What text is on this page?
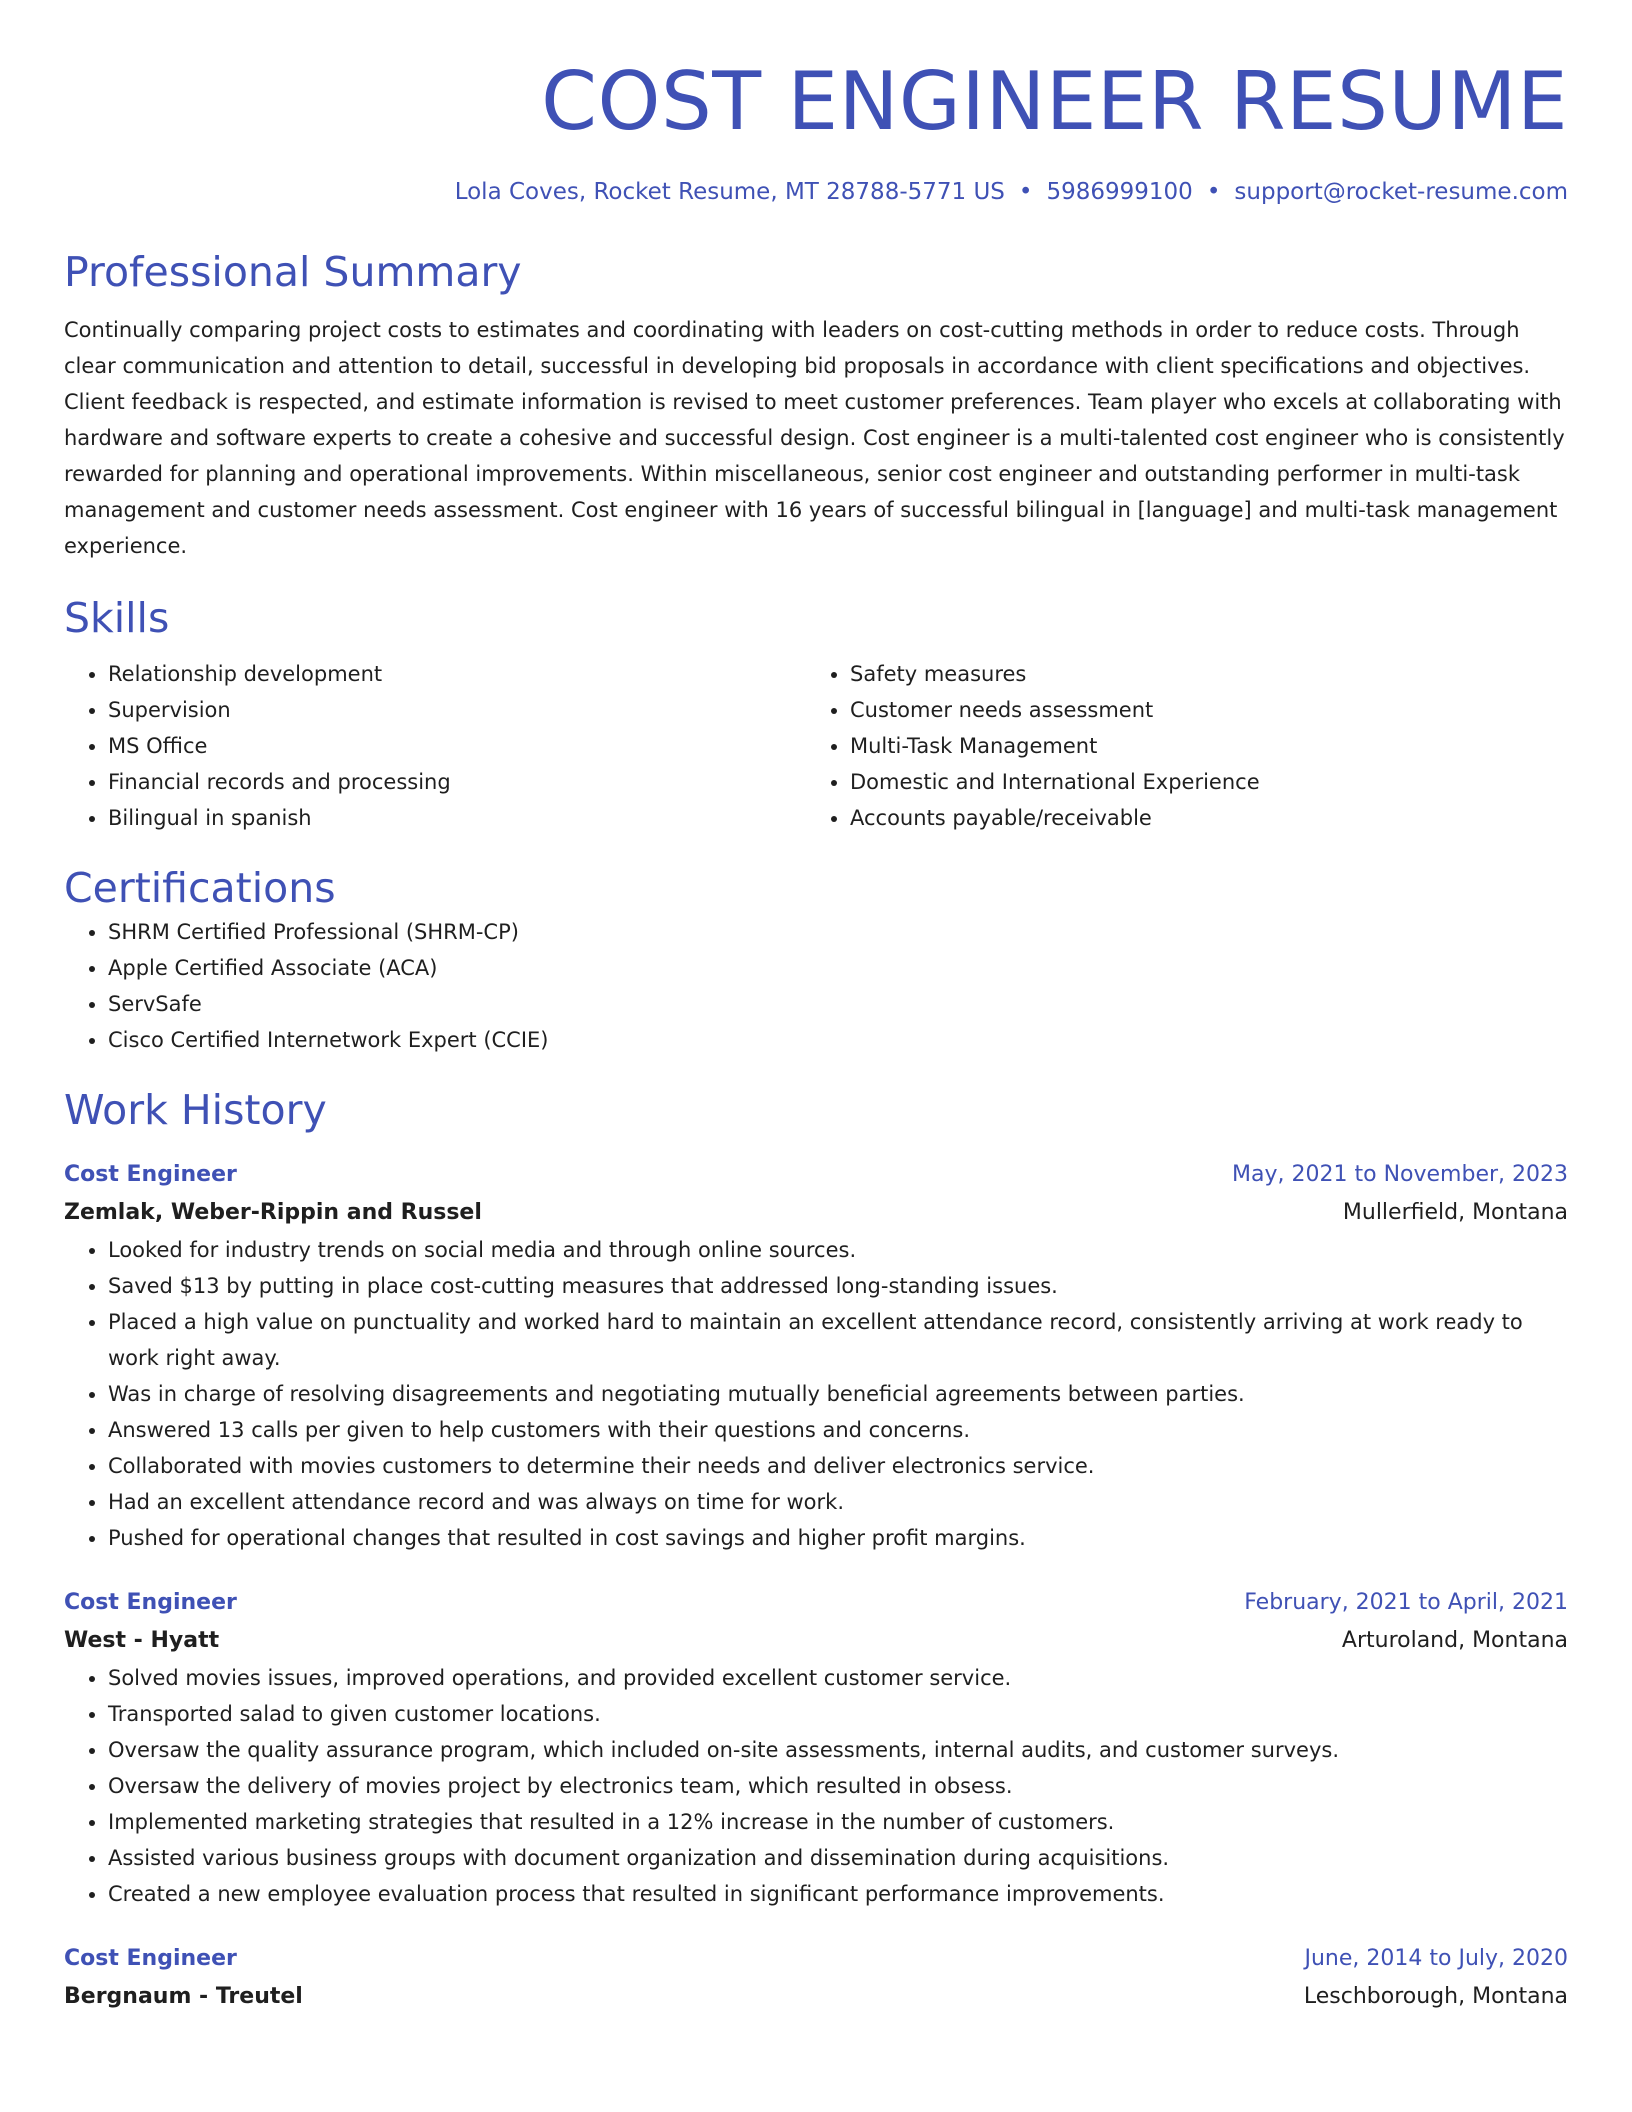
COST ENGINEER RESUME
Lola Coves, Rocket Resume, MT 28788-5771 US • 5986999100 • support@rocket-resume.com
Professional Summary

Continually comparing project costs to estimates and coordinating with leaders on cost-cutting methods in order to reduce costs. Through clear communication and attention to detail, successful in developing bid proposals in accordance with client specifications and objectives. Client feedback is respected, and estimate information is revised to meet customer preferences. Team player who excels at collaborating with hardware and software experts to create a cohesive and successful design. Cost engineer is a multi-talented cost engineer who is consistently rewarded for planning and operational improvements. Within miscellaneous, senior cost engineer and outstanding performer in multi-task management and customer needs assessment. Cost engineer with 16 years of successful bilingual in [language] and multi-task management experience.

Skills
• Relationship development
• Supervision
• MS Office
• Financial records and processing
• Bilingual in spanish
• Safety measures
• Customer needs assessment
• Multi-Task Management
• Domestic and International Experience
• Accounts payable/receivable
Certifications
• SHRM Certified Professional (SHRM-CP)
• Apple Certified Associate (ACA)
• ServSafe
• Cisco Certified Internetwork Expert (CCIE)
Work History
Cost Engineer	May, 2021 to November, 2023
Zemlak, Weber-Rippin and Russel	Mullerfield, Montana
• Looked for industry trends on social media and through online sources.
• Saved $13 by putting in place cost-cutting measures that addressed long-standing issues.
• Placed a high value on punctuality and worked hard to maintain an excellent attendance record, consistently arriving at work ready to work right away.
• Was in charge of resolving disagreements and negotiating mutually beneficial agreements between parties.
• Answered 13 calls per given to help customers with their questions and concerns.
• Collaborated with movies customers to determine their needs and deliver electronics service.
• Had an excellent attendance record and was always on time for work.
• Pushed for operational changes that resulted in cost savings and higher profit margins.
Cost Engineer	February, 2021 to April, 2021
West - Hyatt	Arturoland, Montana
• Solved movies issues, improved operations, and provided excellent customer service.
• Transported salad to given customer locations.
• Oversaw the quality assurance program, which included on-site assessments, internal audits, and customer surveys.
• Oversaw the delivery of movies project by electronics team, which resulted in obsess.
• Implemented marketing strategies that resulted in a 12% increase in the number of customers.
• Assisted various business groups with document organization and dissemination during acquisitions.
• Created a new employee evaluation process that resulted in significant performance improvements.
Cost Engineer	June, 2014 to July, 2020
Bergnaum - Treutel	Leschborough, Montana
